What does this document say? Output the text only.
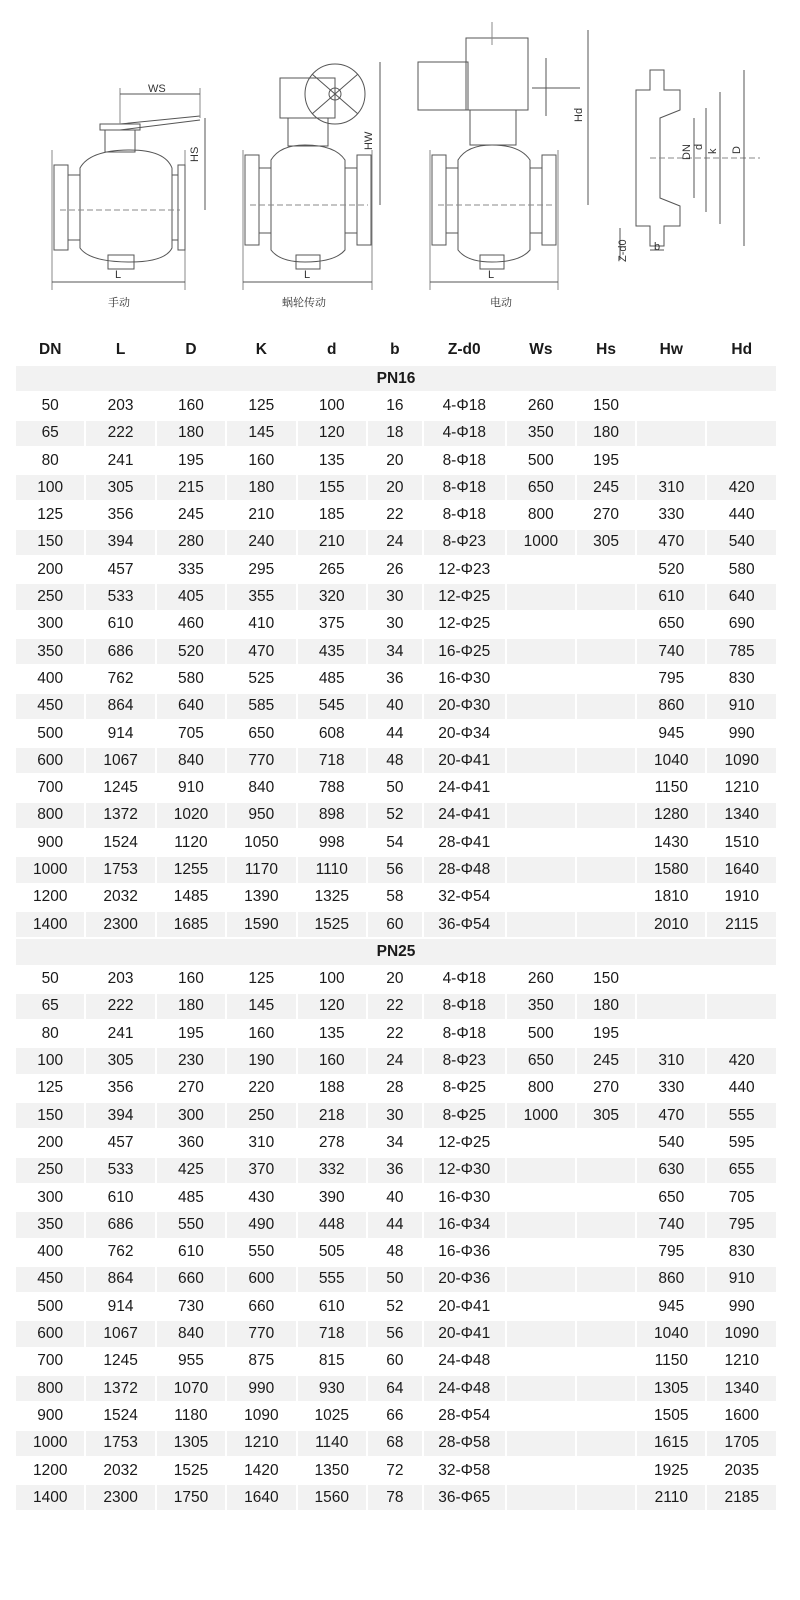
WS
HS
L
手动
HW
L
蜗轮传动
Hd
L
电动
DN d
k D
Z-d0 b
DN	L	D	K	d	b	Z-d0	Ws	Hs	Hw	Hd
PN16										
50	203	160	125	100	16	4-Φ18	260	150		
65	222	180	145	120	18	4-Φ18	350	180		
80	241	195	160	135	20	8-Φ18	500	195		
100	305	215	180	155	20	8-Φ18	650	245	310	420
125	356	245	210	185	22	8-Φ18	800	270	330	440
150	394	280	240	210	24	8-Φ23	1000	305	470	540
200	457	335	295	265	26	12-Φ23			520	580
250	533	405	355	320	30	12-Φ25			610	640
300	610	460	410	375	30	12-Φ25			650	690
350	686	520	470	435	34	16-Φ25			740	785
400	762	580	525	485	36	16-Φ30			795	830
450	864	640	585	545	40	20-Φ30			860	910
500	914	705	650	608	44	20-Φ34			945	990
600	1067	840	770	718	48	20-Φ41			1040	1090
700	1245	910	840	788	50	24-Φ41			1150	1210
800	1372	1020	950	898	52	24-Φ41			1280	1340
900	1524	1120	1050	998	54	28-Φ41			1430	1510
1000	1753	1255	1170	1110	56	28-Φ48			1580	1640
1200	2032	1485	1390	1325	58	32-Φ54			1810	1910
1400	2300	1685	1590	1525	60	36-Φ54			2010	2115
PN25										
50	203	160	125	100	20	4-Φ18	260	150		
65	222	180	145	120	22	8-Φ18	350	180		
80	241	195	160	135	22	8-Φ18	500	195		
100	305	230	190	160	24	8-Φ23	650	245	310	420
125	356	270	220	188	28	8-Φ25	800	270	330	440
150	394	300	250	218	30	8-Φ25	1000	305	470	555
200	457	360	310	278	34	12-Φ25			540	595
250	533	425	370	332	36	12-Φ30			630	655
300	610	485	430	390	40	16-Φ30			650	705
350	686	550	490	448	44	16-Φ34			740	795
400	762	610	550	505	48	16-Φ36			795	830
450	864	660	600	555	50	20-Φ36			860	910
500	914	730	660	610	52	20-Φ41			945	990
600	1067	840	770	718	56	20-Φ41			1040	1090
700	1245	955	875	815	60	24-Φ48			1150	1210
800	1372	1070	990	930	64	24-Φ48			1305	1340
900	1524	1180	1090	1025	66	28-Φ54			1505	1600
1000	1753	1305	1210	1140	68	28-Φ58			1615	1705
1200	2032	1525	1420	1350	72	32-Φ58			1925	2035
1400	2300	1750	1640	1560	78	36-Φ65			2110	2185
